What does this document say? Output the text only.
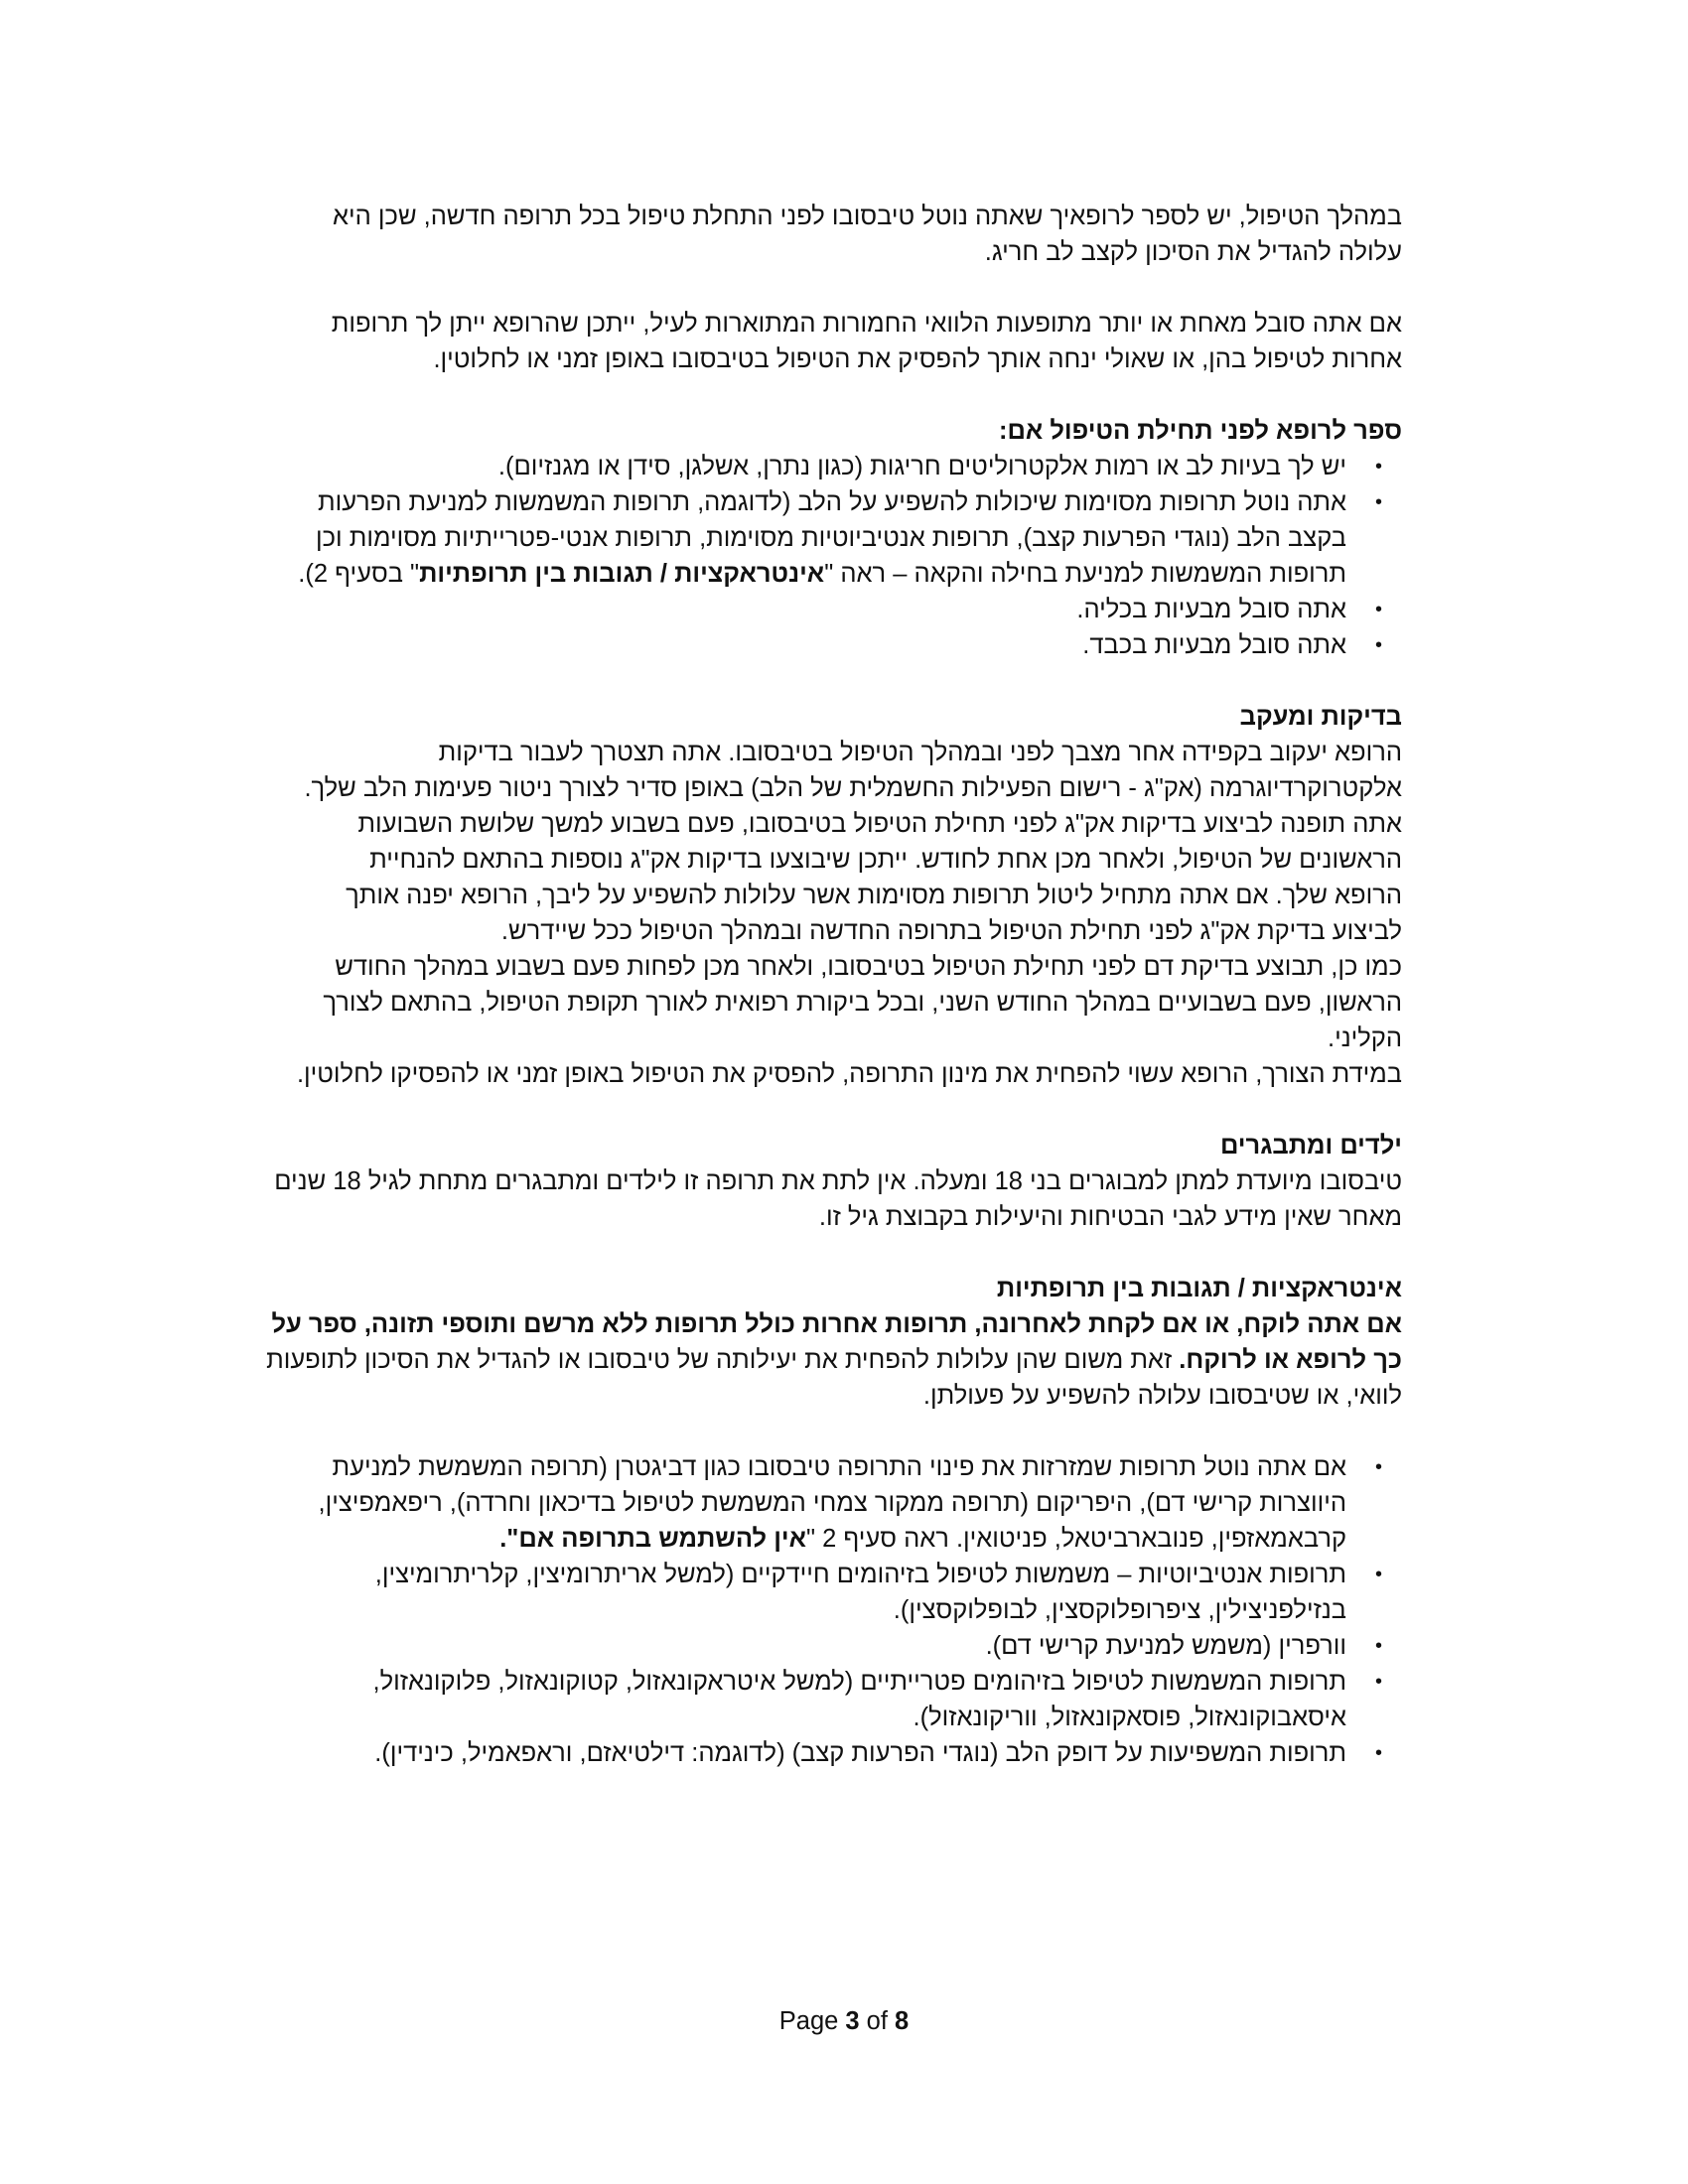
במהלך הטיפול, יש לספר לרופאיך שאתה נוטל טיבסובו לפני התחלת טיפול בכל תרופה חדשה, שכן היא עלולה להגדיל את הסיכון לקצב לב חריג.

אם אתה סובל מאחת או יותר מתופעות הלוואי החמורות המתוארות לעיל, ייתכן שהרופא ייתן לך תרופות אחרות לטיפול בהן, או שאולי ינחה אותך להפסיק את הטיפול בטיבסובו באופן זמני או לחלוטין.

ספר לרופא לפני תחילת הטיפול אם:

•
יש לך בעיות לב או רמות אלקטרוליטים חריגות (כגון נתרן, אשלגן, סידן או מגנזיום).
•
אתה נוטל תרופות מסוימות שיכולות להשפיע על הלב (לדוגמה, תרופות המשמשות למניעת הפרעות בקצב הלב (נוגדי הפרעות קצב), תרופות אנטיביוטיות מסוימות, תרופות אנטי-פטרייתיות מסוימות וכן תרופות המשמשות למניעת בחילה והקאה – ראה "אינטראקציות / תגובות בין תרופתיות" בסעיף 2).
•
אתה סובל מבעיות בכליה.
•
אתה סובל מבעיות בכבד.

בדיקות ומעקב

הרופא יעקוב בקפידה אחר מצבך לפני ובמהלך הטיפול בטיבסובו. אתה תצטרך לעבור בדיקות אלקטרוקרדיוגרמה (אק"ג - רישום הפעילות החשמלית של הלב) באופן סדיר לצורך ניטור פעימות הלב שלך. אתה תופנה לביצוע בדיקות אק"ג לפני תחילת הטיפול בטיבסובו, פעם בשבוע למשך שלושת השבועות הראשונים של הטיפול, ולאחר מכן אחת לחודש. ייתכן שיבוצעו בדיקות אק"ג נוספות בהתאם להנחיית הרופא שלך. אם אתה מתחיל ליטול תרופות מסוימות אשר עלולות להשפיע על ליבך, הרופא יפנה אותך לביצוע בדיקת אק"ג לפני תחילת הטיפול בתרופה החדשה ובמהלך הטיפול ככל שיידרש.

כמו כן, תבוצע בדיקת דם לפני תחילת הטיפול בטיבסובו, ולאחר מכן לפחות פעם בשבוע במהלך החודש הראשון, פעם בשבועיים במהלך החודש השני, ובכל ביקורת רפואית לאורך תקופת הטיפול, בהתאם לצורך הקליני.

במידת הצורך, הרופא עשוי להפחית את מינון התרופה, להפסיק את הטיפול באופן זמני או להפסיקו לחלוטין.

ילדים ומתבגרים

טיבסובו מיועדת למתן למבוגרים בני 18 ומעלה. אין לתת את תרופה זו לילדים ומתבגרים מתחת לגיל 18 שנים מאחר שאין מידע לגבי הבטיחות והיעילות בקבוצת גיל זו.

אינטראקציות / תגובות בין תרופתיות

אם אתה לוקח, או אם לקחת לאחרונה, תרופות אחרות כולל תרופות ללא מרשם ותוספי תזונה, ספר על כך לרופא או לרוקח. זאת משום שהן עלולות להפחית את יעילותה של טיבסובו או להגדיל את הסיכון לתופעות לוואי, או שטיבסובו עלולה להשפיע על פעולתן.

•
אם אתה נוטל תרופות שמזרזות את פינוי התרופה טיבסובו כגון דביגטרן (תרופה המשמשת למניעת היווצרות קרישי דם), היפריקום (תרופה ממקור צמחי המשמשת לטיפול בדיכאון וחרדה), ריפאמפיצין, קרבאמאזפין, פנובארביטאל, פניטואין. ראה סעיף 2 "אין להשתמש בתרופה אם".
•
תרופות אנטיביוטיות – משמשות לטיפול בזיהומים חיידקיים (למשל אריתרומיצין, קלריתרומיצין, בנזילפניצילין, ציפרופלוקסצין, לבופלוקסצין).
•
וורפרין (משמש למניעת קרישי דם).
•
תרופות המשמשות לטיפול בזיהומים פטרייתיים (למשל איטראקונאזול, קטוקונאזול, פלוקונאזול, איסאבוקונאזול, פוסאקונאזול, ווריקונאזול).
•
תרופות המשפיעות על דופק הלב (נוגדי הפרעות קצב) (לדוגמה: דילטיאזם, וראפאמיל, כינידין).
Page 3 of 8
